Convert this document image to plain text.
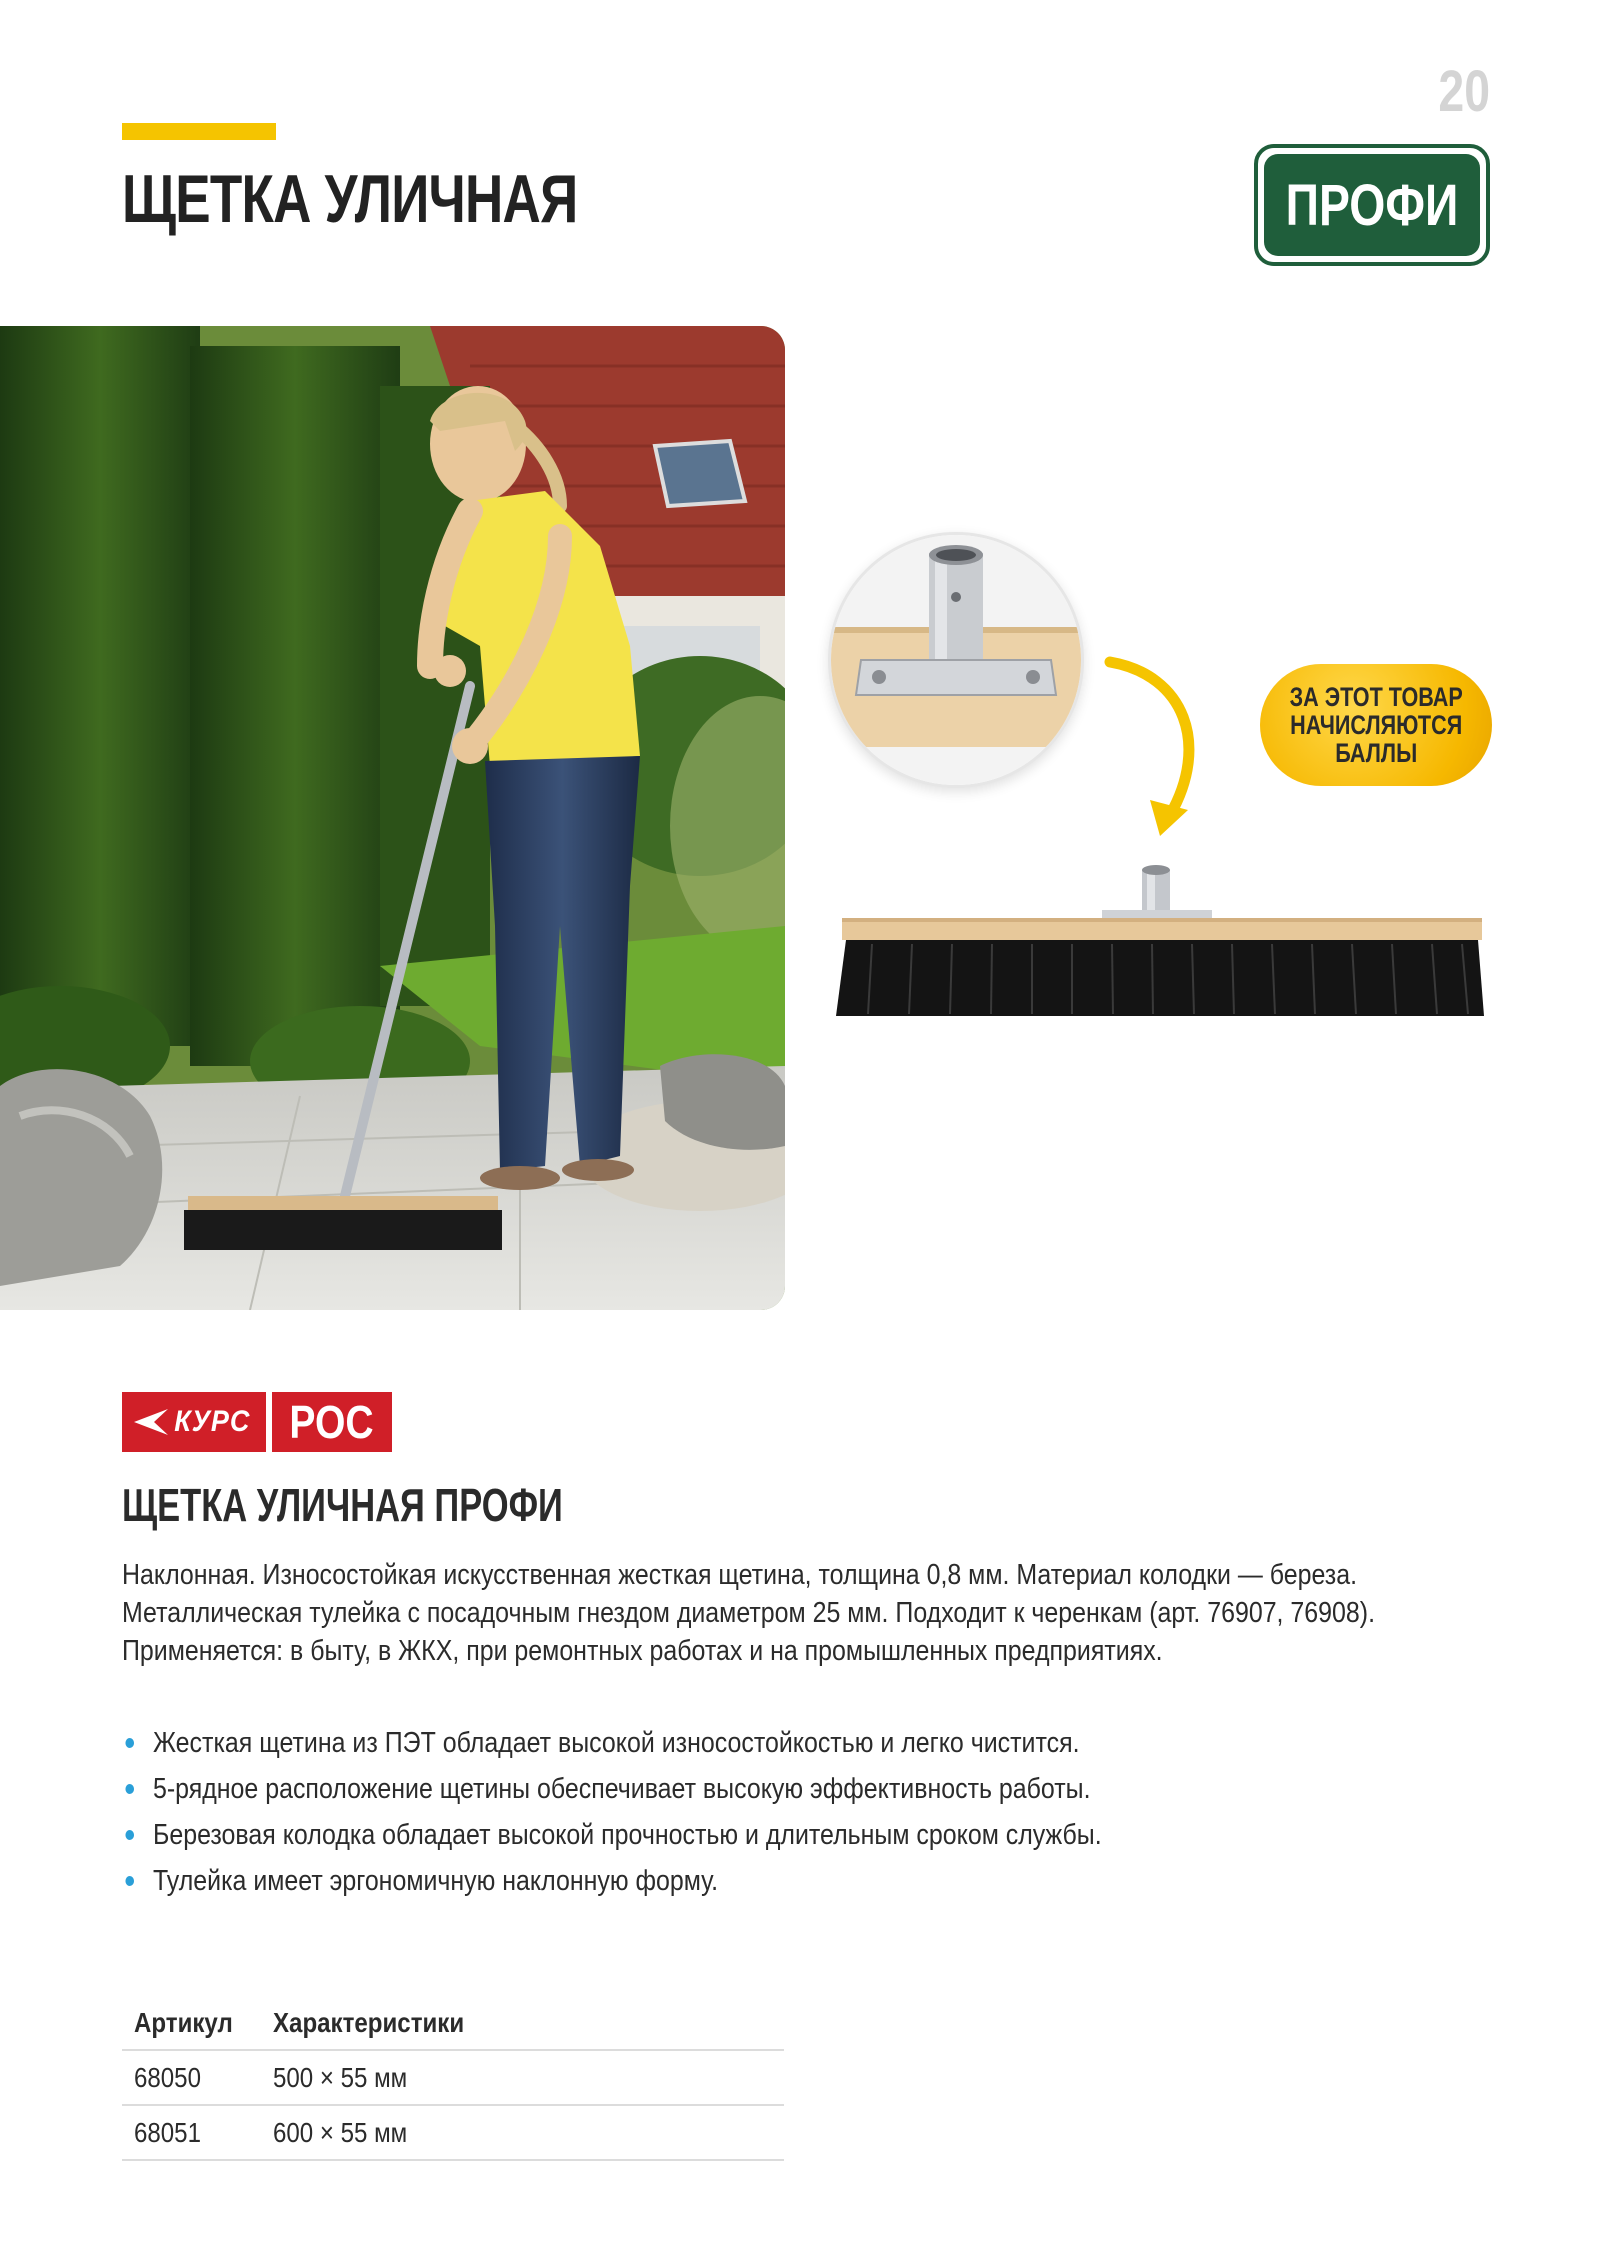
ЩЕТКА УЛИЧНАЯ
20
ПРОФИ
ЗА ЭТОТ ТОВАР
НАЧИСЛЯЮТСЯ
БАЛЛЫ
КУРС РОС
ЩЕТКА УЛИЧНАЯ ПРОФИ
Наклонная. Износостойкая искусственная жесткая щетина, толщина 0,8 мм. Материал колодки — береза.
Металлическая тулейка с посадочным гнездом диаметром 25 мм. Подходит к черенкам (арт. 76907, 76908).
Применяется: в быту, в ЖКХ, при ремонтных работах и на промышленных предприятиях.
Жесткая щетина из ПЭТ обладает высокой износостойкостью и легко чистится.
5-рядное расположение щетины обеспечивает высокую эффективность работы.
Березовая колодка обладает высокой прочностью и длительным сроком службы.
Тулейка имеет эргономичную наклонную форму.
Артикул	Характеристики
68050	500 × 55 мм
68051	600 × 55 мм
